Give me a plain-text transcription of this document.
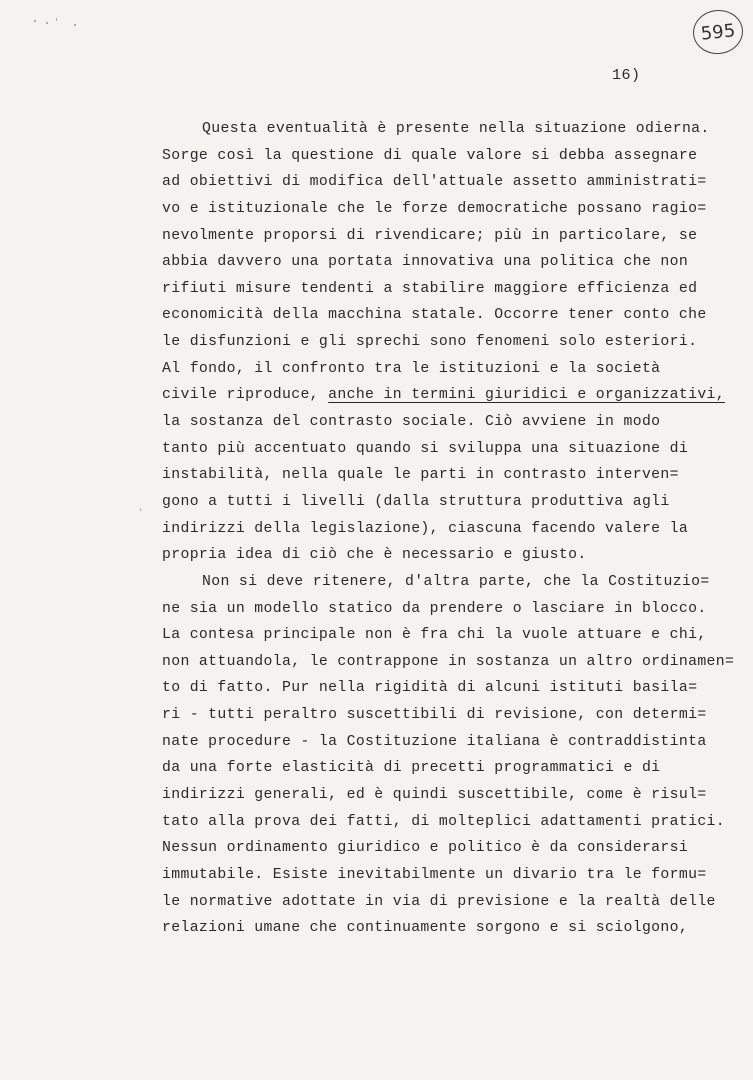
595
16)
Questa eventualità è presente nella situazione odierna.
Sorge così la questione di quale valore si debba assegnare
ad obiettivi di modifica dell'attuale assetto amministrati=
vo e istituzionale che le forze democratiche possano ragio=
nevolmente proporsi di rivendicare; più in particolare, se
abbia davvero una portata innovativa una politica che non
rifiuti misure tendenti a stabilire maggiore efficienza ed
economicità della macchina statale. Occorre tener conto che
le disfunzioni e gli sprechi sono fenomeni solo esteriori.
Al fondo, il confronto tra le istituzioni e la società
civile riproduce, anche in termini giuridici e organizzativi,
la sostanza del contrasto sociale. Ciò avviene in modo
tanto più accentuato quando si sviluppa una situazione di
instabilità, nella quale le parti in contrasto interven=
gono a tutti i livelli (dalla struttura produttiva agli
indirizzi della legislazione), ciascuna facendo valere la
propria idea di ciò che è necessario e giusto.
Non si deve ritenere, d'altra parte, che la Costituzio=
ne sia un modello statico da prendere o lasciare in blocco.
La contesa principale non è fra chi la vuole attuare e chi,
non attuandola, le contrappone in sostanza un altro ordinamen=
to di fatto. Pur nella rigidità di alcuni istituti basila=
ri - tutti peraltro suscettibili di revisione, con determi=
nate procedure - la Costituzione italiana è contraddistinta
da una forte elasticità di precetti programmatici e di
indirizzi generali, ed è quindi suscettibile, come è risul=
tato alla prova dei fatti, di molteplici adattamenti pratici.
Nessun ordinamento giuridico e politico è da considerarsi
immutabile. Esiste inevitabilmente un divario tra le formu=
le normative adottate in via di previsione e la realtà delle
relazioni umane che continuamente sorgono e si sciolgono,
